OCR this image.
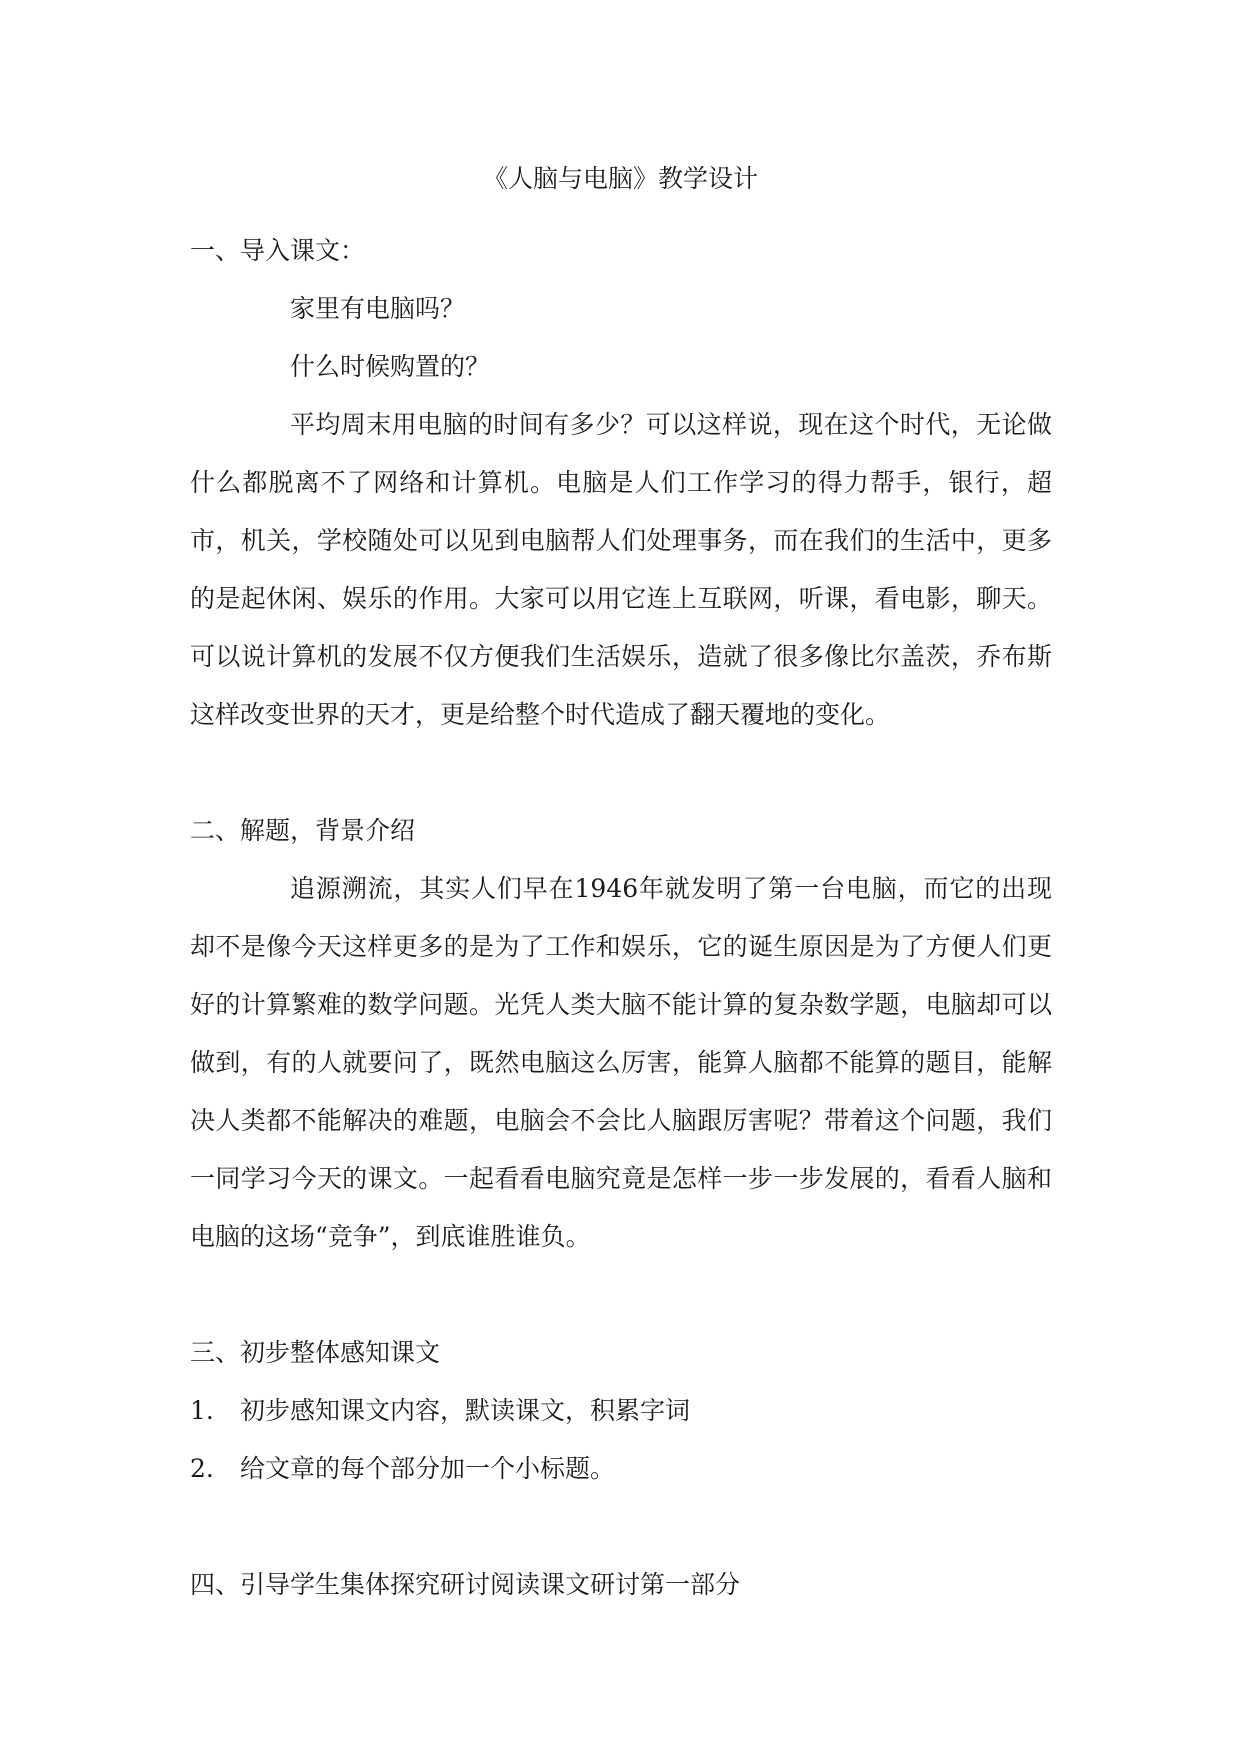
《人脑与电脑》教学设计

一、导入课文：

家里有电脑吗？

什么时候购置的？

平均周末用电脑的时间有多少？可以这样说，现在这个时代，无论做什么都脱离不了网络和计算机。电脑是人们工作学习的得力帮手，银行，超市，机关，学校随处可以见到电脑帮人们处理事务，而在我们的生活中，更多的是起休闲、娱乐的作用。大家可以用它连上互联网，听课，看电影，聊天。可以说计算机的发展不仅方便我们生活娱乐，造就了很多像比尔盖茨，乔布斯这样改变世界的天才，更是给整个时代造成了翻天覆地的变化。

二、解题，背景介绍

追源溯流，其实人们早在1946年就发明了第一台电脑，而它的出现却不是像今天这样更多的是为了工作和娱乐，它的诞生原因是为了方便人们更好的计算繁难的数学问题。光凭人类大脑不能计算的复杂数学题，电脑却可以做到，有的人就要问了，既然电脑这么厉害，能算人脑都不能算的题目，能解决人类都不能解决的难题，电脑会不会比人脑跟厉害呢？带着这个问题，我们一同学习今天的课文。一起看看电脑究竟是怎样一步一步发展的，看看人脑和电脑的这场“竞争”，到底谁胜谁负。

三、初步整体感知课文

1.	初步感知课文内容，默读课文，积累字词
2.	给文章的每个部分加一个小标题。

四、引导学生集体探究研讨阅读课文研讨第一部分
